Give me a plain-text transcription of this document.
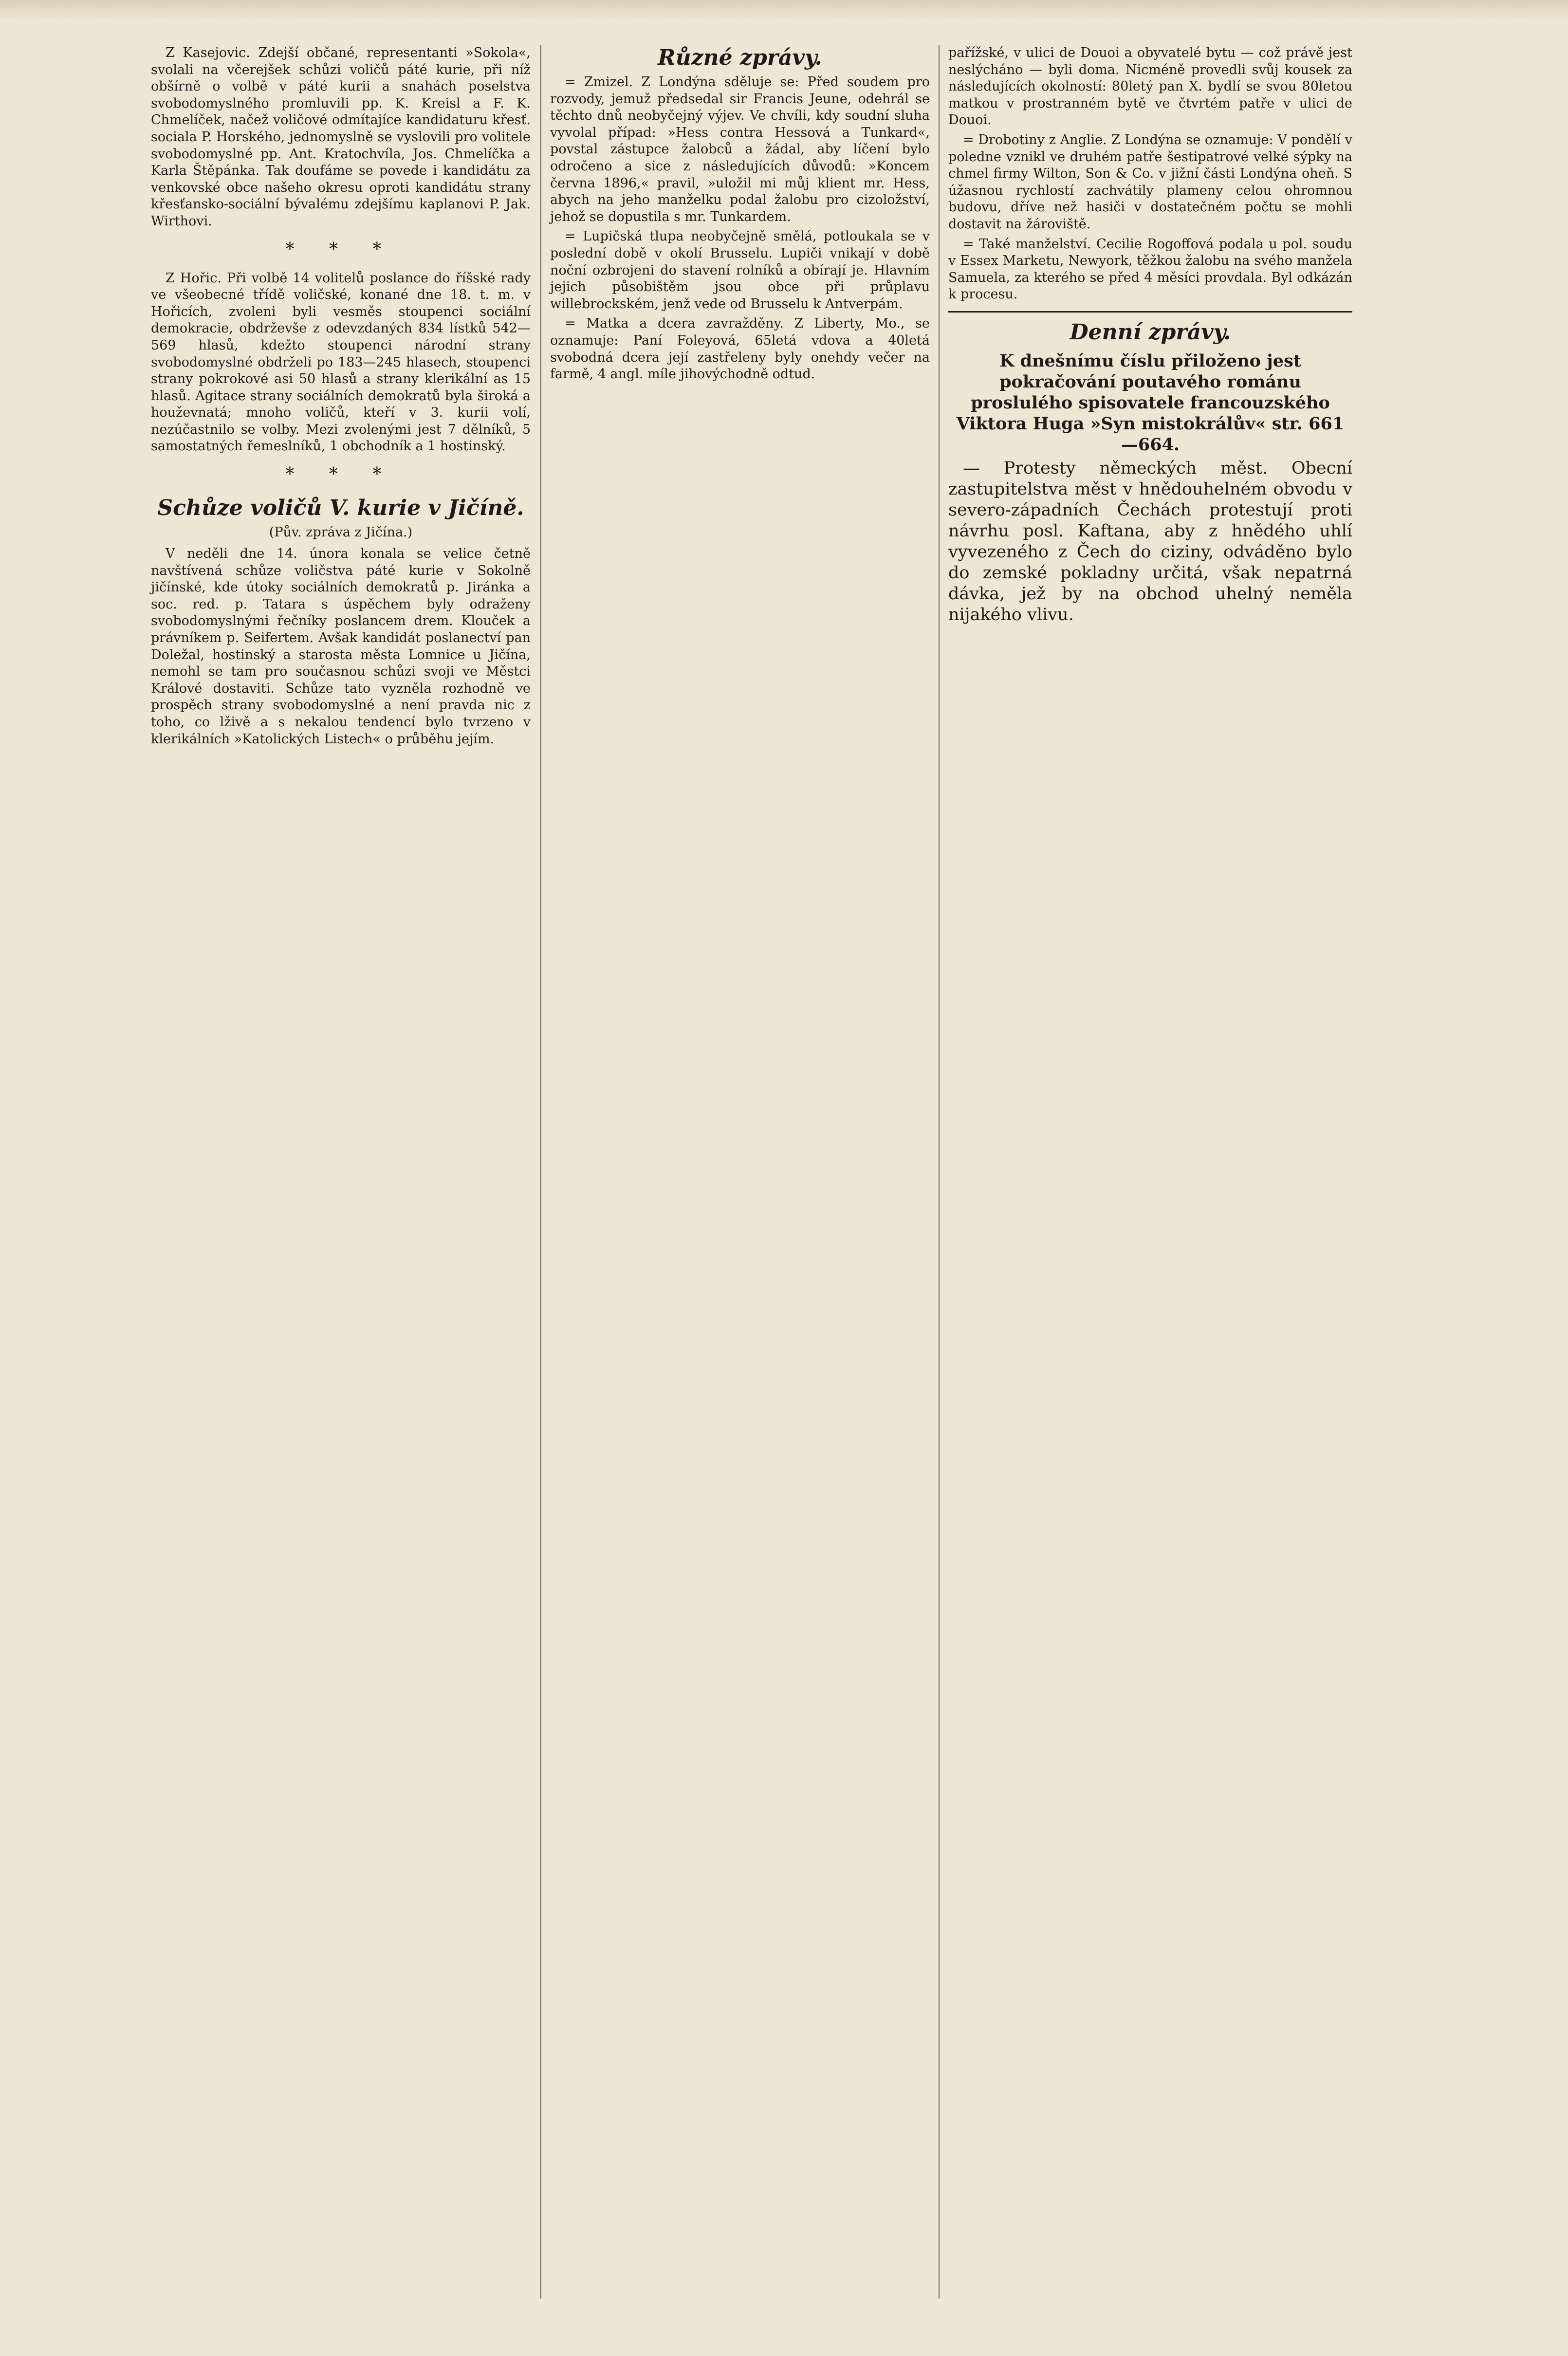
Z Kasejovic. Zdejší občané, representanti »Sokola«, svolali na včerejšek schůzi voličů páté kurie, při níž obšírně o volbě v páté kurii a snahách poselstva svobodomyslného promluvili pp. K. Kreisl a F. K. Chmelíček, načež voličové odmítajíce kandidaturu křesť. sociala P. Horského, jednomyslně se vyslovili pro volitele svobodomyslné pp. Ant. Kratochvíla, Jos. Chmelíčka a Karla Štěpánka. Tak doufáme se povede i kandidátu za venkovské obce našeho okresu oproti kandidátu strany křesťansko-sociální bývalému zdejšímu kaplanovi P. Jak. Wirthovi.

* * *

Z Hořic. Při volbě 14 volitelů poslance do říšské rady ve všeobecné třídě voličské, konané dne 18. t. m. v Hořicích, zvoleni byli vesměs stoupenci sociální demokracie, obdrževše z odevzdaných 834 lístků 542—569 hlasů, kdežto stoupenci národní strany svobodomyslné obdrželi po 183—245 hlasech, stoupenci strany pokrokové asi 50 hlasů a strany klerikální as 15 hlasů. Agitace strany sociálních demokratů byla široká a houževnatá; mnoho voličů, kteří v 3. kurii volí, nezúčastnilo se volby. Mezi zvolenými jest 7 dělníků, 5 samostatných řemeslníků, 1 obchodník a 1 hostinský.

* * *
Schůze voličů V. kurie v Jičíně.
(Pův. zpráva z Jičína.)

V neděli dne 14. února konala se velice četně navštívená schůze voličstva páté kurie v Sokolně jičínské, kde útoky sociálních demokratů p. Jiránka a soc. red. p. Tatara s úspěchem byly odraženy svobodomyslnými řečníky poslancem drem. Klouček a právníkem p. Seifertem. Avšak kandidát poslanectví pan Doležal, hostinský a starosta města Lomnice u Jičína, nemohl se tam pro současnou schůzi svoji ve Městci Králové dostaviti. Schůze tato vyzněla rozhodně ve prospěch strany svobodomyslné a není pravda nic z toho, co lživě a s nekalou tendencí bylo tvrzeno v klerikálních »Katolických Listech« o průběhu jejím.

Různé zprávy.

= Zmizel. Z Londýna sděluje se: Před soudem pro rozvody, jemuž předsedal sir Francis Jeune, odehrál se těchto dnů neobyčejný výjev. Ve chvíli, kdy soudní sluha vyvolal případ: »Hess contra Hessová a Tunkard«, povstal zástupce žalobců a žádal, aby líčení bylo odročeno a sice z následujících důvodů: »Koncem června 1896,« pravil, »uložil mi můj klient mr. Hess, abych na jeho manželku podal žalobu pro cizoložství, jehož se dopustila s mr. Tunkardem.

= Lupičská tlupa neobyčejně smělá, potloukala se v poslední době v okolí Brusselu. Lupiči vnikají v době noční ozbrojeni do stavení rolníků a obírají je. Hlavním jejich působištěm jsou obce při průplavu willebrockském, jenž vede od Brusselu k Antverpám.

= Matka a dcera zavražděny. Z Liberty, Mo., se oznamuje: Paní Foleyová, 65letá vdova a 40letá svobodná dcera její zastřeleny byly onehdy večer na farmě, 4 angl. míle jihovýchodně odtud.

pařížské, v ulici de Douoi a obyvatelé bytu — což právě jest neslýcháno — byli doma. Nicméně provedli svůj kousek za následujících okolností: 80letý pan X. bydlí se svou 80letou matkou v prostranném bytě ve čtvrtém patře v ulici de Douoi.

= Drobotiny z Anglie. Z Londýna se oznamuje: V pondělí v poledne vznikl ve druhém patře šestipatrové velké sýpky na chmel firmy Wilton, Son & Co. v jižní části Londýna oheň. S úžasnou rychlostí zachvátily plameny celou ohromnou budovu, dříve než hasiči v dostatečném počtu se mohli dostavit na žároviště.

= Také manželství. Cecilie Rogoffová podala u pol. soudu v Essex Marketu, Newyork, těžkou žalobu na svého manžela Samuela, za kterého se před 4 měsíci provdala. Byl odkázán k procesu.

Denní zprávy.

K dnešnímu číslu přiloženo jest pokračování poutavého románu proslulého spisovatele francouzského Viktora Huga »Syn mistokrálův« str. 661—664.

— Protesty německých měst. Obecní zastupitelstva měst v hnědouhelném obvodu v severo-západních Čechách protestují proti návrhu posl. Kaftana, aby z hnědého uhlí vyvezeného z Čech do ciziny, odváděno bylo do zemské pokladny určitá, však nepatrná dávka, jež by na obchod uhelný neměla nijakého vlivu.
